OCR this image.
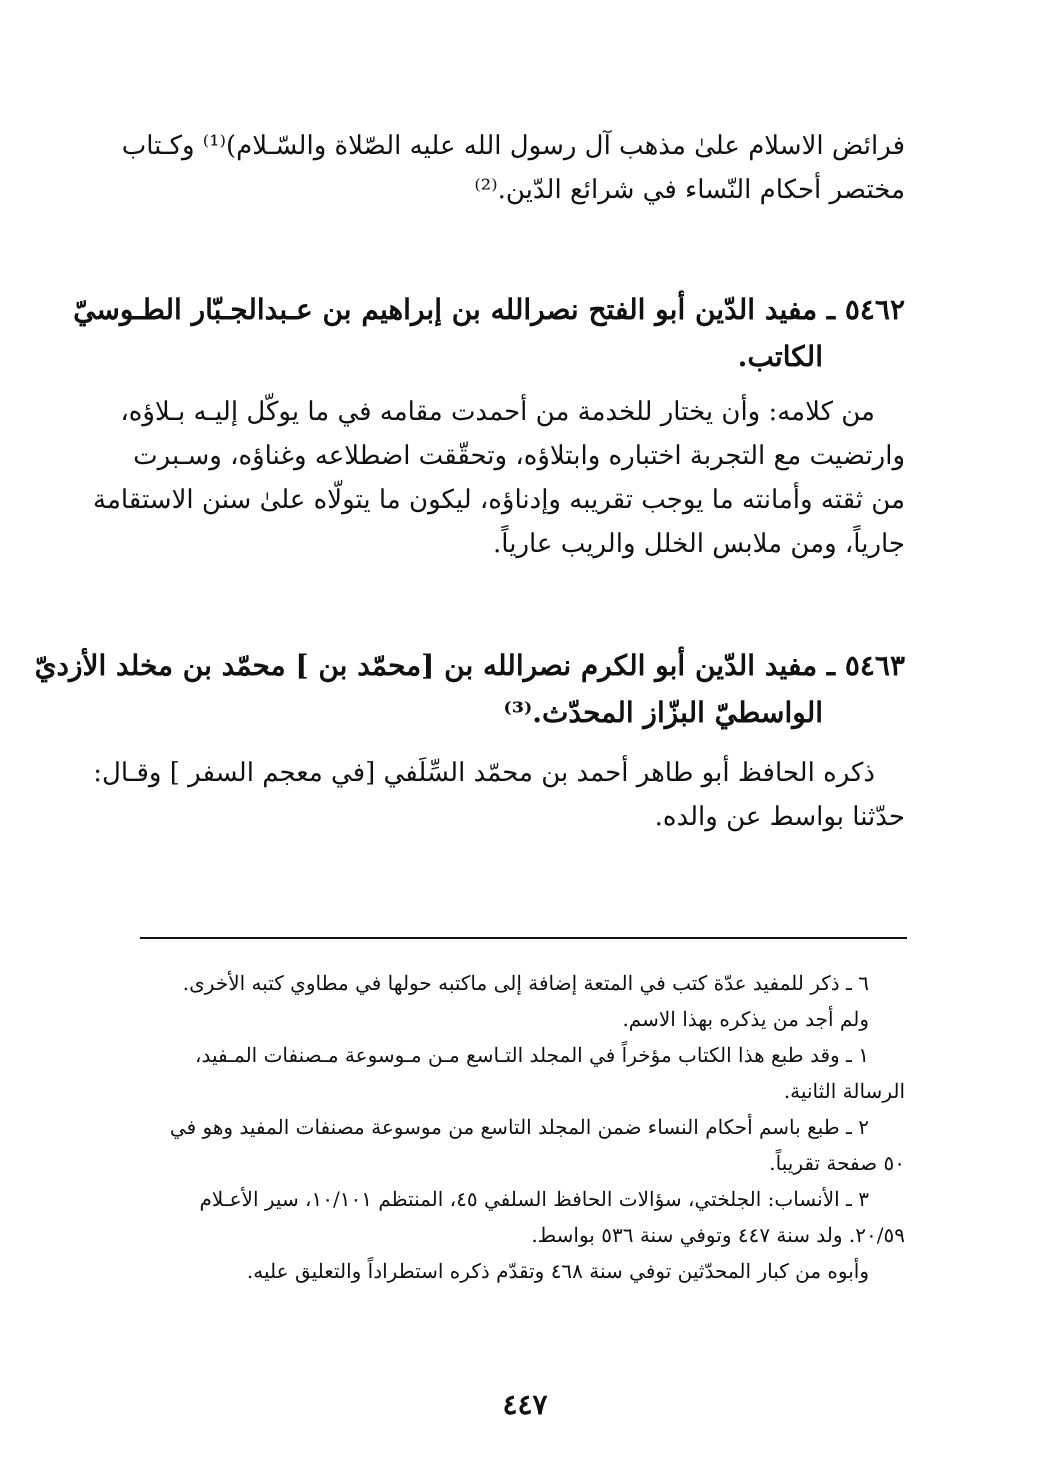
فرائض الاسلام علىٰ مذهب آل رسول الله عليه الصّلاة والسّـلام)⁽¹⁾ وكـتاب
مختصر أحكام النّساء في شرائع الدّين.⁽²⁾
٥٤٦٢ ـ مفيد الدّين أبو الفتح نصرالله بن إبراهيم بن عـبدالجـبّار الطـوسيّ
الكاتب.
من كلامه: وأن يختار للخدمة من أحمدت مقامه في ما يوكّل إليـه بـلاؤه،
وارتضيت مع التجربة اختباره وابتلاؤه، وتحقّقت اضطلاعه وغناؤه، وسـبرت
من ثقته وأمانته ما يوجب تقريبه وإدناؤه، ليكون ما يتولّاه علىٰ سنن الاستقامة
جارياً، ومن ملابس الخلل والريب عارياً.
٥٤٦٣ ـ مفيد الدّين أبو الكرم نصرالله بن [محمّد بن ] محمّد بن مخلد الأزديّ
الواسطيّ البزّاز المحدّث.⁽³⁾
ذكره الحافظ أبو طاهر أحمد بن محمّد السِّلَفي [في معجم السفر ] وقـال:
حدّثنا بواسط عن والده.
٦ ـ ذكر للمفيد عدّة كتب في المتعة إضافة إلى ماكتبه حولها في مطاوي كتبه الأخرى.
ولم أجد من يذكره بهذا الاسم.
١ ـ وقد طبع هذا الكتاب مؤخراً في المجلد التـاسع مـن مـوسوعة مـصنفات المـفيد،
الرسالة الثانية.
٢ ـ طبع باسم أحكام النساء ضمن المجلد التاسع من موسوعة مصنفات المفيد وهو في
٥٠ صفحة تقريباً.
٣ ـ الأنساب: الجلختي، سؤالات الحافظ السلفي ٤٥، المنتظم ١٠/١٠١، سير الأعـلام
٢٠/٥٩. ولد سنة ٤٤٧ وتوفي سنة ٥٣٦ بواسط.
وأبوه من كبار المحدّثين توفي سنة ٤٦٨ وتقدّم ذكره استطراداً والتعليق عليه.
٤٤٧
